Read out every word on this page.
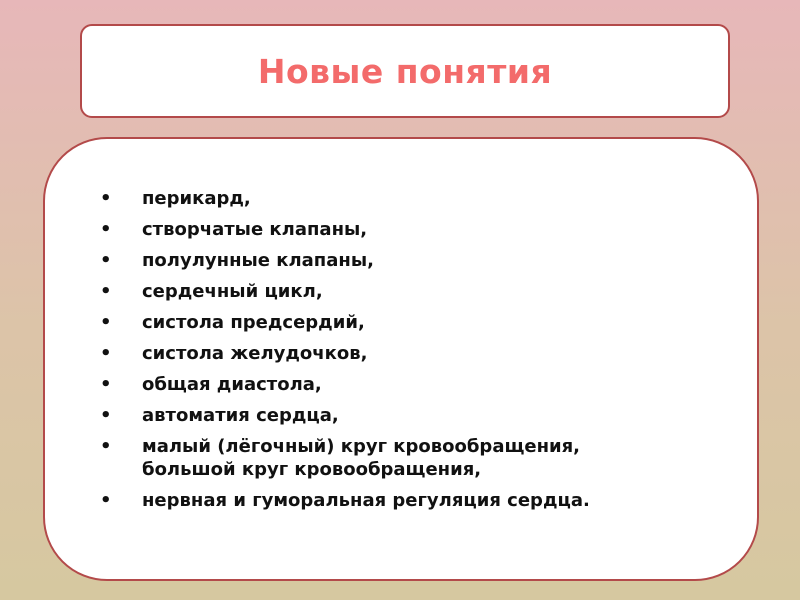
Новые понятия
• перикард,
• створчатые клапаны,
• полулунные клапаны,
• сердечный цикл,
• систола предсердий,
• систола желудочков,
• общая диастола,
• автоматия сердца,
• малый (лёгочный) круг кровообращения,
большой круг кровообращения,
• нервная и гуморальная регуляция сердца.
